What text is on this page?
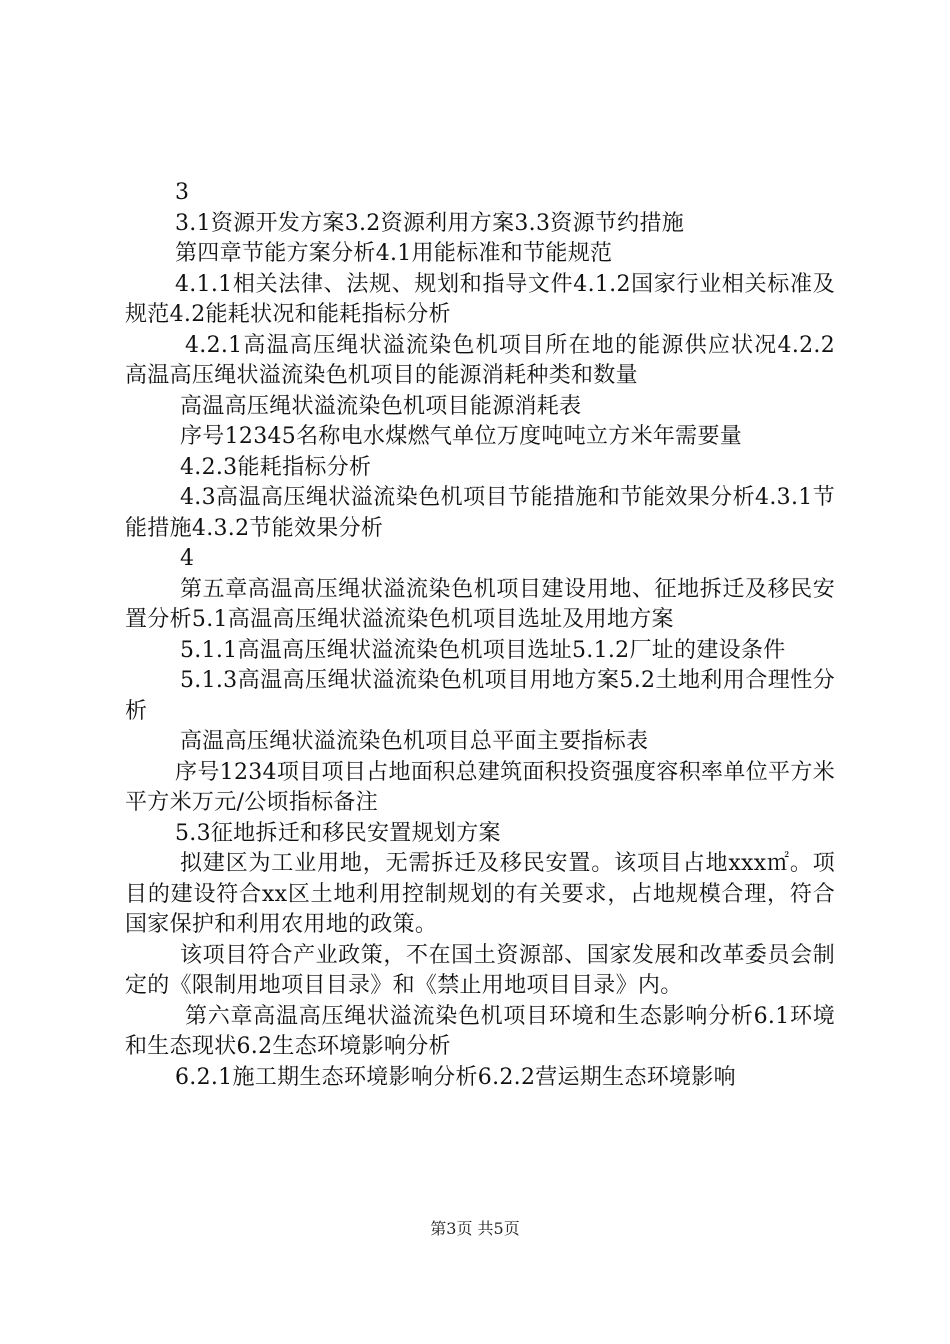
3

3.1资源开发方案3.2资源利用方案3.3资源节约措施

第四章节能方案分析4.1用能标准和节能规范

4.1.1相关法律、法规、规划和指导文件4.1.2国家行业相关标准及规范4.2能耗状况和能耗指标分析

4.2.1高温高压绳状溢流染色机项目所在地的能源供应状况4.2.2高温高压绳状溢流染色机项目的能源消耗种类和数量

高温高压绳状溢流染色机项目能源消耗表

序号12345名称电水煤燃气单位万度吨吨立方米年需要量

4.2.3能耗指标分析

4.3高温高压绳状溢流染色机项目节能措施和节能效果分析4.3.1节能措施4.3.2节能效果分析

4

第五章高温高压绳状溢流染色机项目建设用地、征地拆迁及移民安置分析5.1高温高压绳状溢流染色机项目选址及用地方案

5.1.1高温高压绳状溢流染色机项目选址5.1.2厂址的建设条件

5.1.3高温高压绳状溢流染色机项目用地方案5.2土地利用合理性分析

高温高压绳状溢流染色机项目总平面主要指标表

序号1234项目项目占地面积总建筑面积投资强度容积率单位平方米平方米万元/公顷指标备注

5.3征地拆迁和移民安置规划方案

拟建区为工业用地，无需拆迁及移民安置。该项目占地xxx㎡。项目的建设符合xx区土地利用控制规划的有关要求，占地规模合理，符合国家保护和利用农用地的政策。

该项目符合产业政策，不在国土资源部、国家发展和改革委员会制定的《限制用地项目目录》和《禁止用地项目目录》内。

第六章高温高压绳状溢流染色机项目环境和生态影响分析6.1环境和生态现状6.2生态环境影响分析

6.2.1施工期生态环境影响分析6.2.2营运期生态环境影响

第3页 共5页
